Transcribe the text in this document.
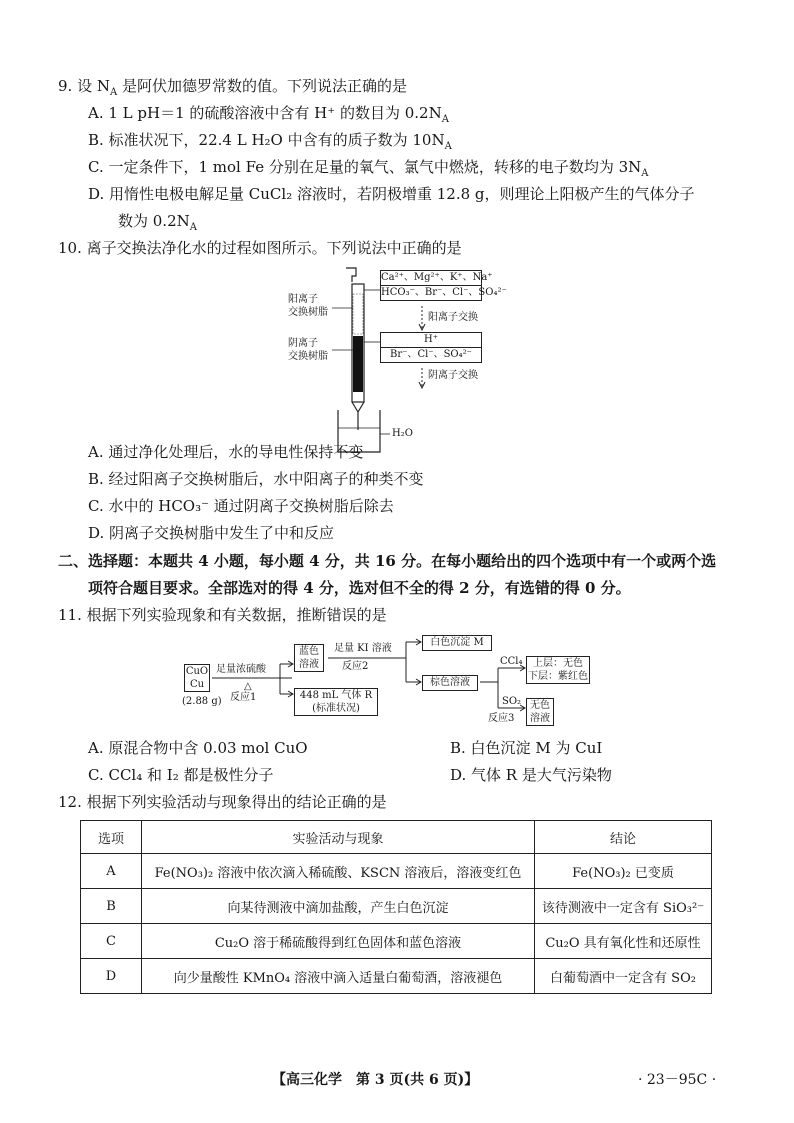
9. 设 $N_A$ 是阿伏加德罗常数的值。下列说法正确的是
A. 1 L pH＝1 的硫酸溶液中含有 H⁺ 的数目为 $0.2N_A$
B. 标准状况下，22.4 L H₂O 中含有的质子数为 $10N_A$
C. 一定条件下，1 mol Fe 分别在足量的氧气、氯气中燃烧，转移的电子数均为 $3N_A$
D. 用惰性电极电解足量 CuCl₂ 溶液时，若阴极增重 12.8 g，则理论上阳极产生的气体分子
数为 $0.2N_A$
10. 离子交换法净化水的过程如图所示。下列说法中正确的是
阳离子
交换树脂
阴离子
交换树脂
Ca²⁺、Mg²⁺、K⁺、Na⁺
HCO₃⁻、Br⁻、Cl⁻、SO₄²⁻
阳离子交换
H⁺
Br⁻、Cl⁻、SO₄²⁻
阴离子交换
H₂O
A. 通过净化处理后，水的导电性保持不变
B. 经过阳离子交换树脂后，水中阳离子的种类不变
C. 水中的 HCO₃⁻ 通过阴离子交换树脂后除去
D. 阴离子交换树脂中发生了中和反应
二、选择题：本题共 4 小题，每小题 4 分，共 16 分。在每小题给出的四个选项中有一个或两个选
项符合题目要求。全部选对的得 4 分，选对但不全的得 2 分，有选错的得 0 分。
11. 根据下列实验现象和有关数据，推断错误的是
CuO
Cu
(2.88 g)
足量浓硫酸
△
反应1
蓝色
溶液
448 mL 气体 R
(标准状况)
足量 KI 溶液
反应2
白色沉淀 M
棕色溶液
CCl₄	上层：无色
下层：紫红色
SO₂
反应3
无色
溶液
A. 原混合物中含 0.03 mol CuO	B. 白色沉淀 M 为 CuI
C. CCl₄ 和 I₂ 都是极性分子	D. 气体 R 是大气污染物
12. 根据下列实验活动与现象得出的结论正确的是
选项	实验活动与现象	结论
A	Fe(NO₃)₂ 溶液中依次滴入稀硫酸、KSCN 溶液后，溶液变红色	Fe(NO₃)₂ 已变质
B	向某待测液中滴加盐酸，产生白色沉淀	该待测液中一定含有 SiO₃²⁻
C	Cu₂O 溶于稀硫酸得到红色固体和蓝色溶液	Cu₂O 具有氧化性和还原性
D	向少量酸性 KMnO₄ 溶液中滴入适量白葡萄酒，溶液褪色	白葡萄酒中一定含有 SO₂
【高三化学　第 3 页(共 6 页)】	· 23－95C ·
